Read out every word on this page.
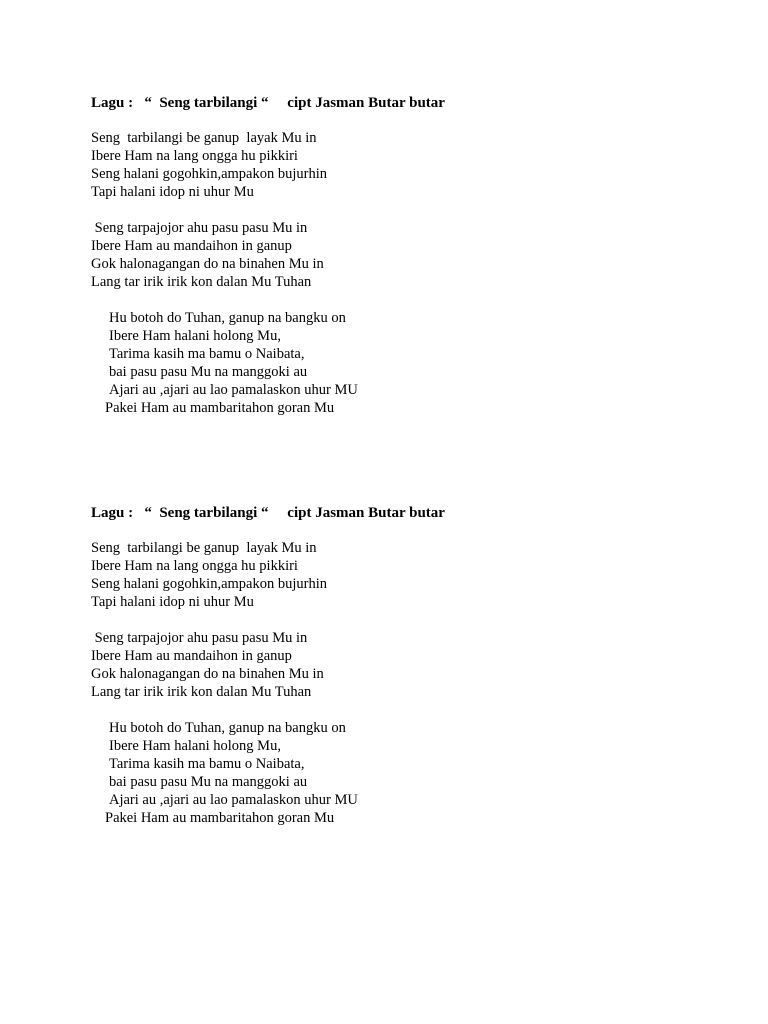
Lagu :   “  Seng tarbilangi “ cipt Jasman Butar butar

Seng  tarbilangi be ganup  layak Mu in
Ibere Ham na lang ongga hu pikkiri
Seng halani gogohkin,ampakon bujurhin
Tapi halani idop ni uhur Mu
Seng tarpajojor ahu pasu pasu Mu in
Ibere Ham au mandaihon in ganup
Gok halonagangan do na binahen Mu in
Lang tar irik irik kon dalan Mu Tuhan
Hu botoh do Tuhan, ganup na bangku on
Ibere Ham halani holong Mu,
Tarima kasih ma bamu o Naibata,
bai pasu pasu Mu na manggoki au
Ajari au ,ajari au lao pamalaskon uhur MU
Pakei Ham au mambaritahon goran Mu

Lagu :   “  Seng tarbilangi “ cipt Jasman Butar butar

Seng  tarbilangi be ganup  layak Mu in
Ibere Ham na lang ongga hu pikkiri
Seng halani gogohkin,ampakon bujurhin
Tapi halani idop ni uhur Mu
Seng tarpajojor ahu pasu pasu Mu in
Ibere Ham au mandaihon in ganup
Gok halonagangan do na binahen Mu in
Lang tar irik irik kon dalan Mu Tuhan
Hu botoh do Tuhan, ganup na bangku on
Ibere Ham halani holong Mu,
Tarima kasih ma bamu o Naibata,
bai pasu pasu Mu na manggoki au
Ajari au ,ajari au lao pamalaskon uhur MU
Pakei Ham au mambaritahon goran Mu
